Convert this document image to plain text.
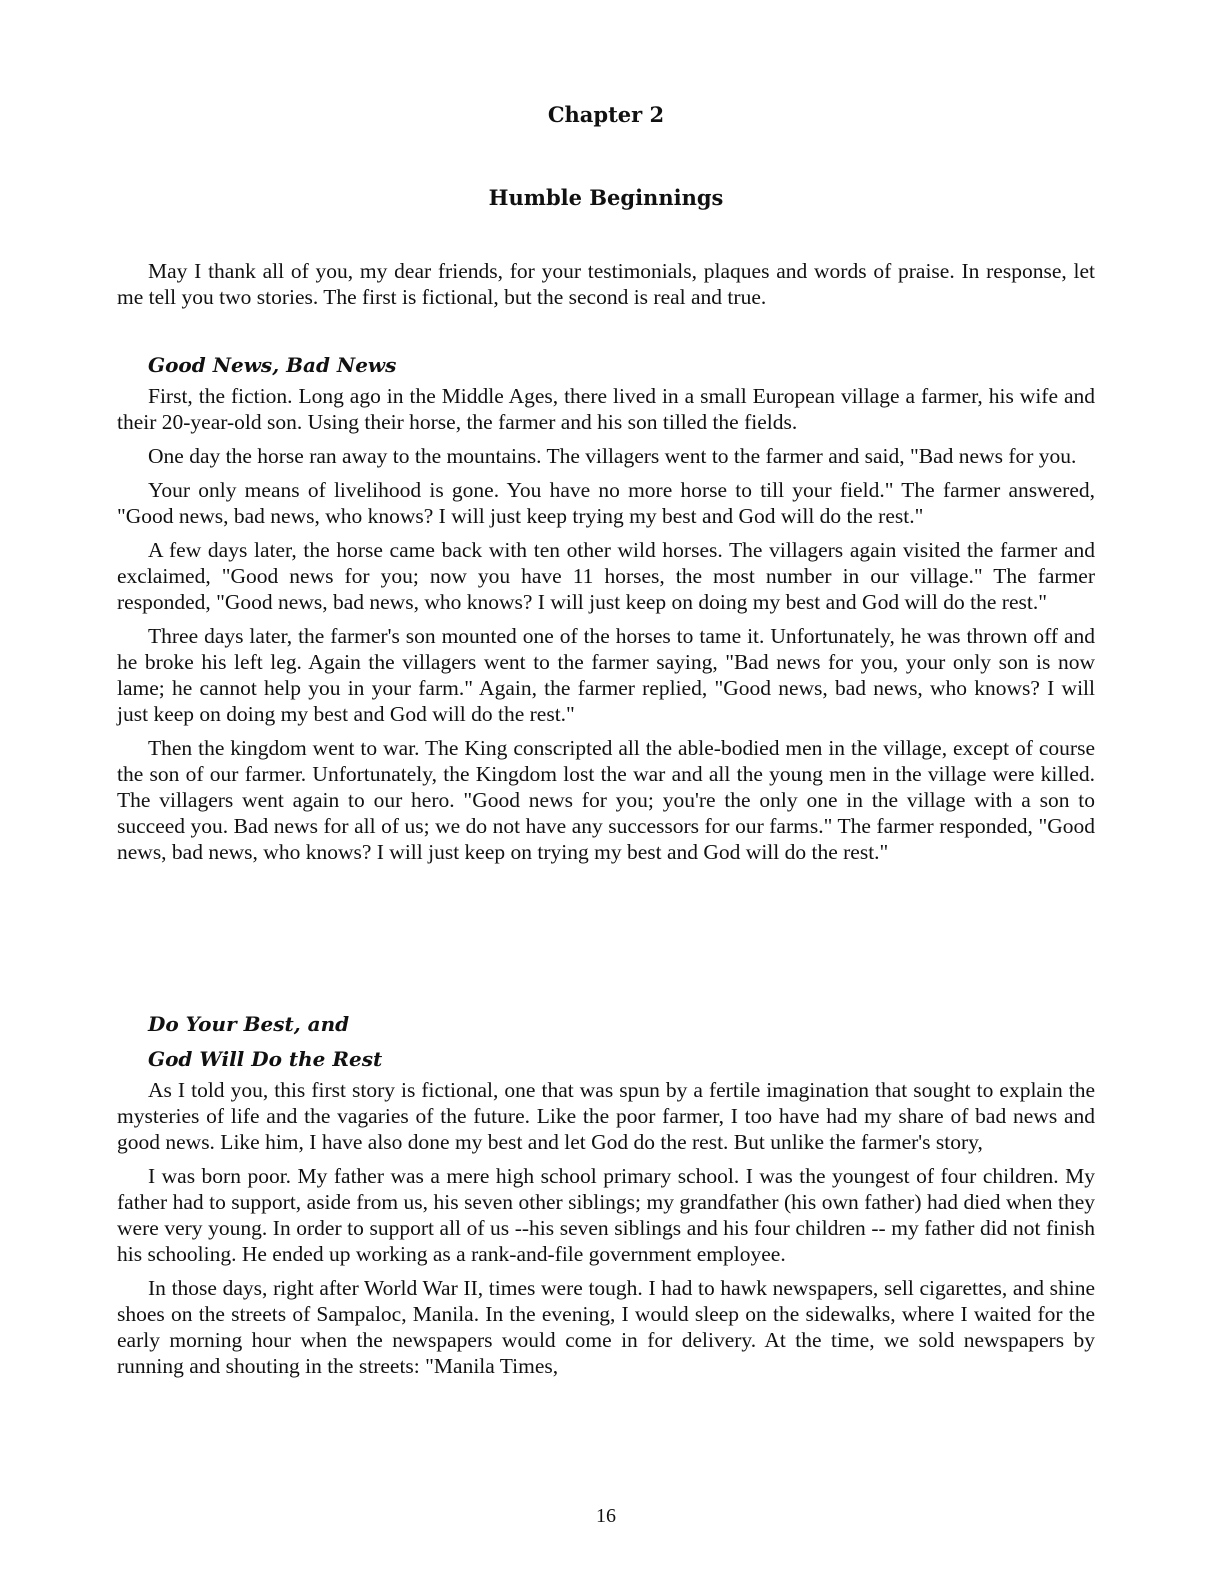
Chapter 2
Humble Beginnings

May I thank all of you, my dear friends, for your testimonials, plaques and words of praise. In response, let me tell you two stories. The first is fictional, but the second is real and true.

Good News, Bad News

First, the fiction. Long ago in the Middle Ages, there lived in a small European village a farmer, his wife and their 20-year-old son. Using their horse, the farmer and his son tilled the fields.

One day the horse ran away to the mountains. The villagers went to the farmer and said, "Bad news for you.

Your only means of livelihood is gone. You have no more horse to till your field." The farmer answered, "Good news, bad news, who knows? I will just keep trying my best and God will do the rest."

A few days later, the horse came back with ten other wild horses. The villagers again visited the farmer and exclaimed, "Good news for you; now you have 11 horses, the most number in our village." The farmer responded, "Good news, bad news, who knows? I will just keep on doing my best and God will do the rest."

Three days later, the farmer's son mounted one of the horses to tame it. Unfortunately, he was thrown off and he broke his left leg. Again the villagers went to the farmer saying, "Bad news for you, your only son is now lame; he cannot help you in your farm." Again, the farmer replied, "Good news, bad news, who knows? I will just keep on doing my best and God will do the rest."

Then the kingdom went to war. The King conscripted all the able-bodied men in the village, except of course the son of our farmer. Unfortunately, the Kingdom lost the war and all the young men in the village were killed. The villagers went again to our hero. "Good news for you; you're the only one in the village with a son to succeed you. Bad news for all of us; we do not have any successors for our farms." The farmer responded, "Good news, bad news, who knows? I will just keep on trying my best and God will do the rest."

Do Your Best, and
God Will Do the Rest

As I told you, this first story is fictional, one that was spun by a fertile imagination that sought to explain the mysteries of life and the vagaries of the future. Like the poor farmer, I too have had my share of bad news and good news. Like him, I have also done my best and let God do the rest. But unlike the farmer's story,

I was born poor. My father was a mere high school primary school. I was the youngest of four children. My father had to support, aside from us, his seven other siblings; my grandfather (his own father) had died when they were very young. In order to support all of us --his seven siblings and his four children -- my father did not finish his schooling. He ended up working as a rank-and-file government employee.

In those days, right after World War II, times were tough. I had to hawk newspapers, sell cigarettes, and shine shoes on the streets of Sampaloc, Manila. In the evening, I would sleep on the sidewalks, where I waited for the early morning hour when the newspapers would come in for delivery. At the time, we sold newspapers by running and shouting in the streets: "Manila Times,

16
